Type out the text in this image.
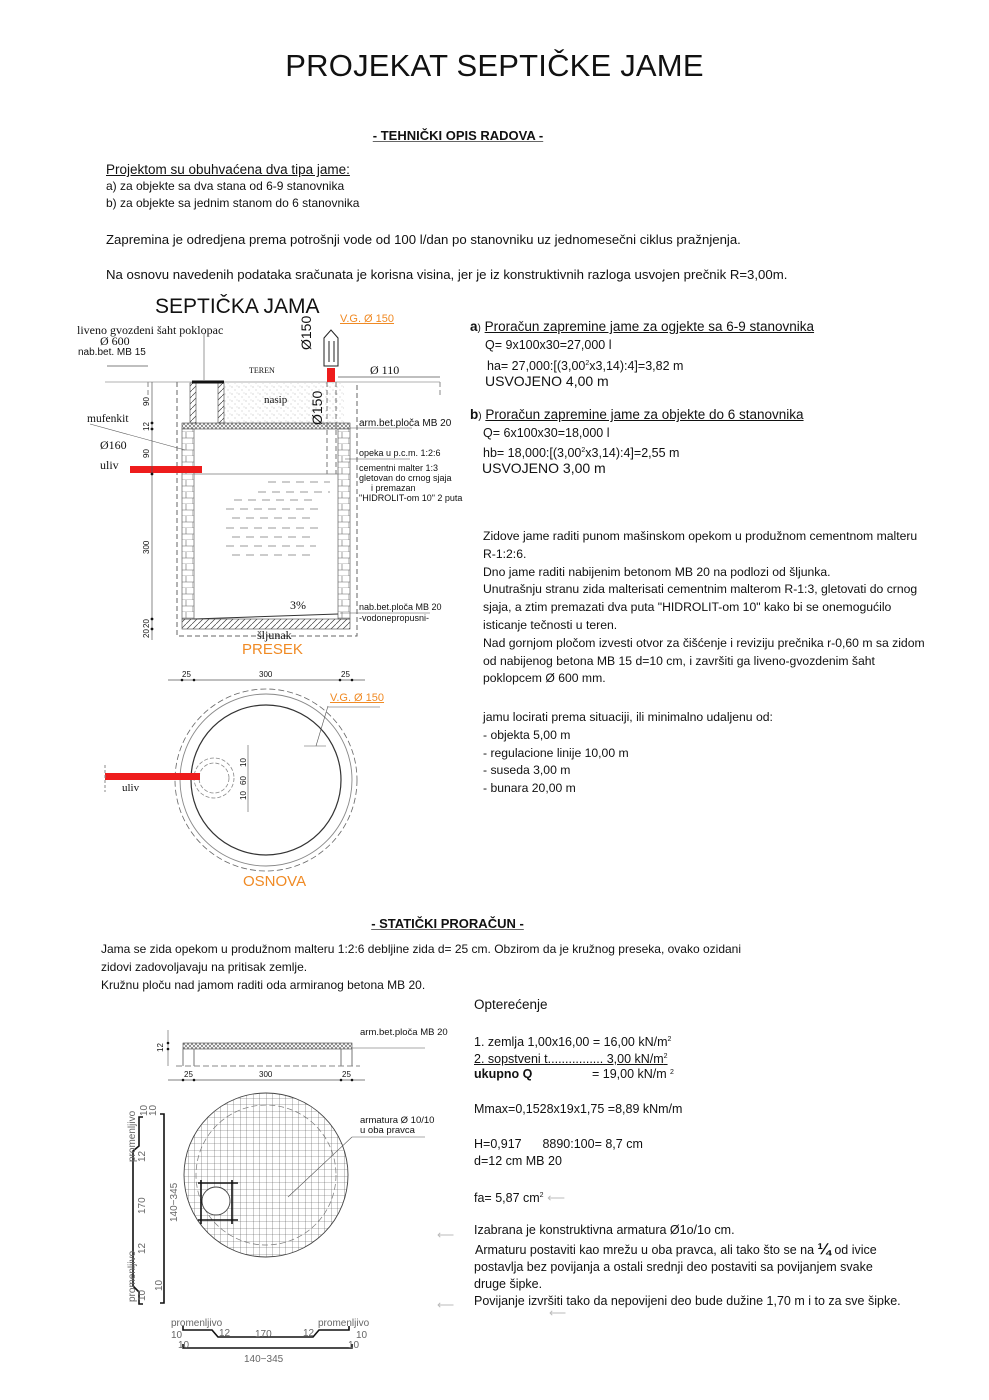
PROJEKAT SEPTIČKE JAME
- TEHNIČKI OPIS RADOVA -
Projektom su obuhvaćena dva tipa jame:
a) za objekte sa dva stana od 6-9 stanovnika
b) za objekte sa jednim stanom do 6 stanovnika
Zapremina je odredjena prema potrošnji vode od 100 l/dan po stanovniku uz jednomesečni ciklus pražnjenja.
Na osnovu navedenih podataka sračunata je korisna visina, jer je iz konstruktivnih razloga usvojen prečnik R=3,00m.
a) Proračun zapremine jame za ogjekte sa 6-9 stanovnika
Q= 9x100x30=27,000 l
$ha= 27,000:[(3,00^2x3,14):4]=3,82$ m
USVOJENO 4,00 m
b) Proračun zapremine jame za objekte do 6 stanovnika
Q= 6x100x30=18,000 l
$hb= 18,000:[(3,00^2x3,14):4]=2,55$ m
USVOJENO 3,00 m
Zidove jame raditi punom mašinskom opekom u produžnom cementnom malteru
R-1:2:6.
Dno jame raditi nabijenim betonom MB 20 na podlozi od šljunka.
Unutrašnju stranu zida malterisati cementnim malterom R-1:3, gletovati do crnog
sjaja, a ztim premazati dva puta "HIDROLIT-om 10" kako bi se onemogućilo
isticanje tečnosti u teren.
Nad gornjom pločom izvesti otvor za čišćenje i reviziju prečnika r-0,60 m sa zidom
od nabijenog betona MB 15 d=10 cm, i završiti ga liveno-gvozdenim šaht
poklopcem Ø 600 mm.
jamu locirati prema situaciji, ili minimalno udaljenu od:
- objekta 5,00 m
- regulacione linije 10,00 m
- suseda 3,00 m
- bunara 20,00 m
SEPTIČKA JAMA
liveno gvozdeni šaht poklopac
Ø 600
nab.bet. MB 15
V.G. Ø 150
Ø150
Ø150
Ø 110
TEREN
nasip
mufenkit
Ø160
uliv
arm.bet.ploča MB 20
opeka u p.c.m. 1:2:6
cementni malter 1:3
gletovan do crnog sjaja
i premazan
"HIDROLIT-om 10" 2 puta
nab.bet.ploča MB 20
-vodonepropusni-
3%
šljunak
90
12
90
300
20
20
PRESEK
25	300	25
V.G. Ø 150
uliv
10
60
10
OSNOVA
- STATIČKI PRORAČUN -
Jama se zida opekom u produžnom malteru 1:2:6 debljine zida d= 25 cm. Obzirom da je kružnog preseka, ovako ozidani
zidovi zadovoljavaju na pritisak zemlje.
Kružnu ploču nad jamom raditi oda armiranog betona MB 20.
Opterećenje
1. zemlja 1,00x16,00 = 16,00 $kN/m^2$
2. sopstveni t................ 3,00 $kN/m^2$
ukupno Q	= 19,00 kN/m 2
Mmax=0,1528x19x1,75 =8,89 kNm/m
H=0,917      8890:100= 8,7 cm
d=12 cm MB 20
fa= 5,87 $cm^2$ ⟵
Izabrana je konstruktivna armatura Ø1o/1o cm.
Armaturu postaviti kao mrežu u oba pravca, ali tako što se na ¼ od ivice
postavlja bez povijanja a ostali srednji deo postaviti sa povijanjem svake
druge šipke.
Povijanje izvršiti tako da nepovijeni deo bude dužine 1,70 m i to za sve šipke.
⟵
⟵
⟵
arm.bet.ploča MB 20
12
25	300	25
armatura Ø 10/10
u oba pravca
promenljivo
10
10
12
170 140−345
12
promenljivo 10
10
promenljivo
10	12 170	12
promenljivo
10
10	10
140−345
